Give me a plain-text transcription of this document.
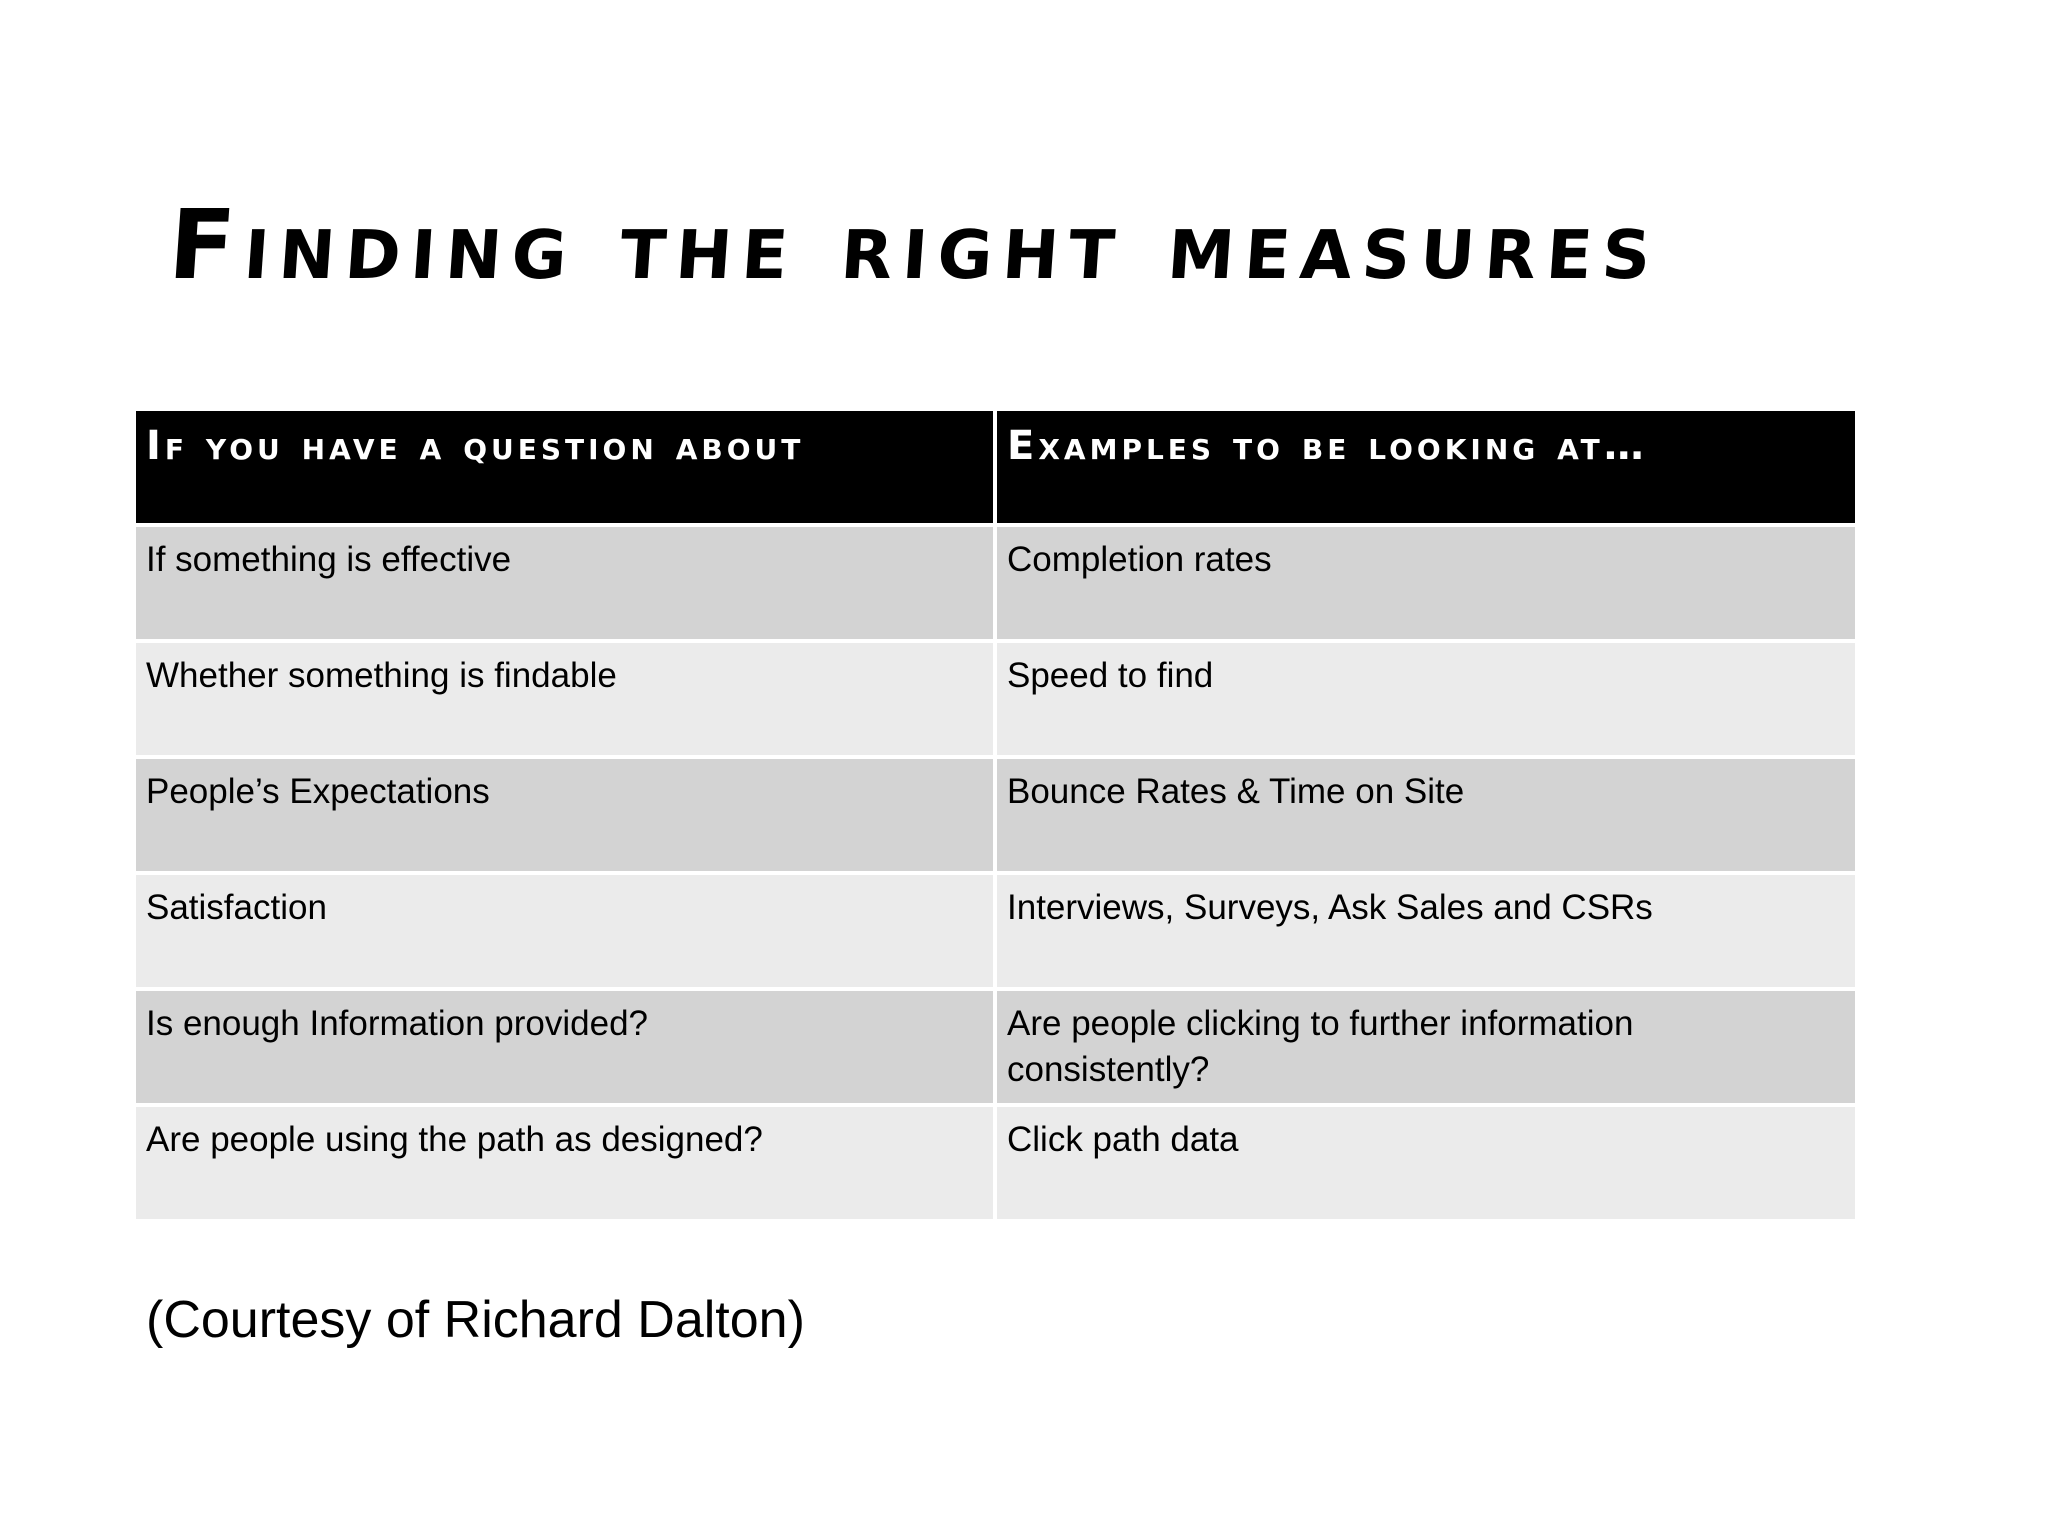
Finding the right measures
If you have a question about	Examples to be looking at…
If something is effective	Completion rates
Whether something is findable	Speed to find
People’s Expectations	Bounce Rates & Time on Site
Satisfaction	Interviews, Surveys, Ask Sales and CSRs
Is enough Information provided?	Are people clicking to further information consistently?
Are people using the path as designed?	Click path data

(Courtesy of Richard Dalton)
